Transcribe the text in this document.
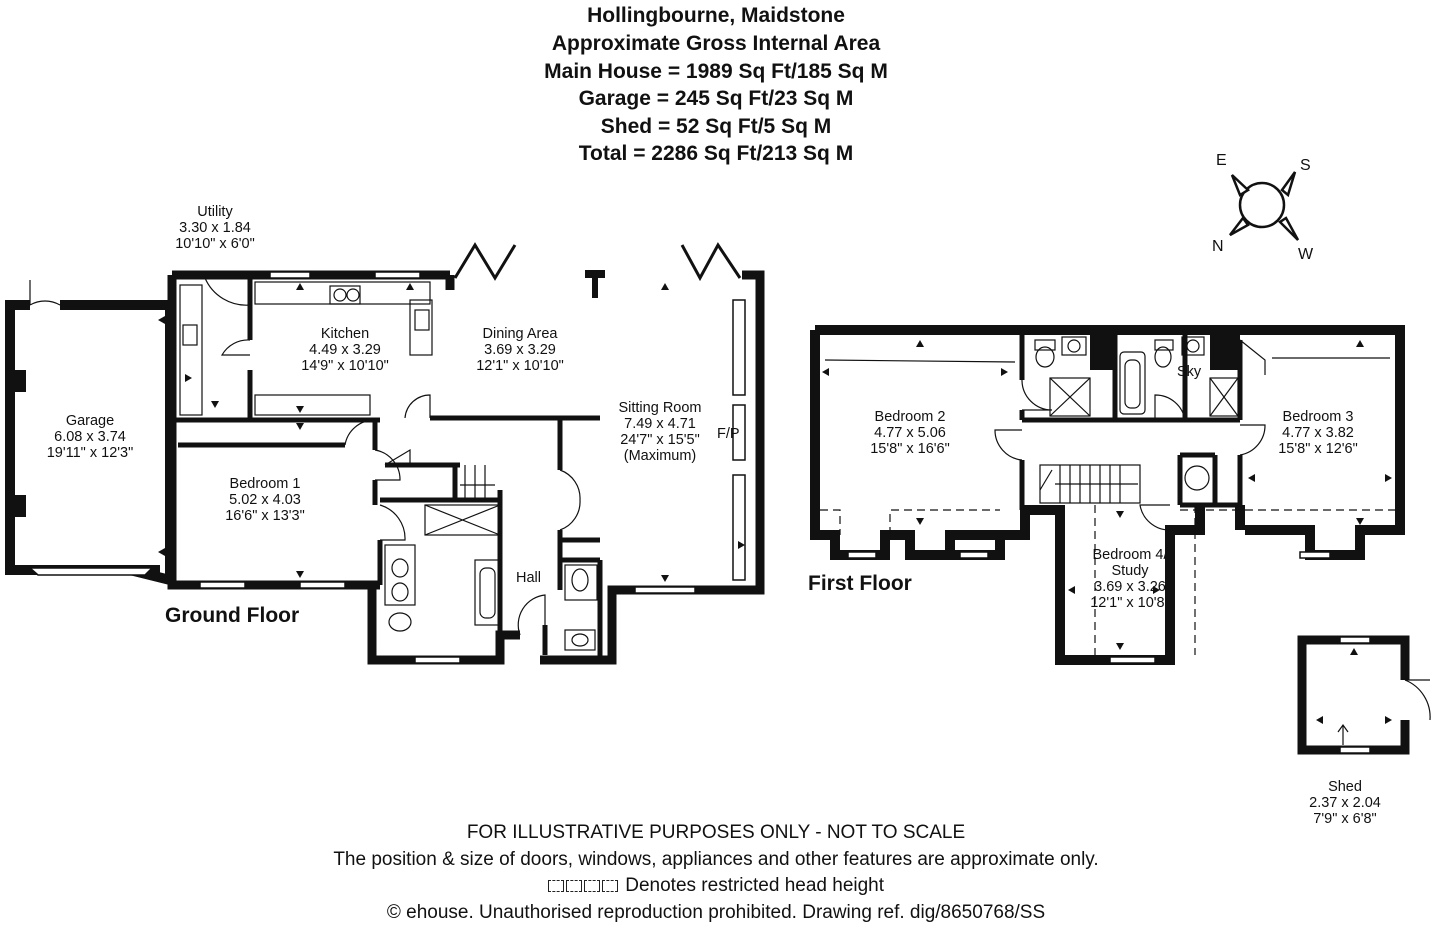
Hollingbourne, Maidstone
Approximate Gross Internal Area
Main House = 1989 Sq Ft/185 Sq M
Garage = 245 Sq Ft/23 Sq M
Shed = 52 Sq Ft/5 Sq M
Total = 2286 Sq Ft/213 Sq M	E	S
N	W
Utility
3.30 x 1.84
10'10" x 6'0"
Kitchen
4.49 x 3.29
14'9" x 10'10"
Dining Area
3.69 x 3.29
12'1" x 10'10"
Sitting Room
7.49 x 4.71
24'7" x 15'5"
(Maximum)
F/P
Garage
6.08 x 3.74
19'11" x 12'3"
Bedroom 1
5.02 x 4.03
16'6" x 13'3"
Hall
Bedroom 2
4.77 x 5.06
15'8" x 16'6"
Bedroom 3
4.77 x 3.82
15'8" x 12'6"
Bedroom 4/
Study
3.69 x 3.26
12'1" x 10'8"
Sky
Shed
2.37 x 2.04
7'9" x 6'8"
Ground Floor
First Floor
FOR ILLUSTRATIVE PURPOSES ONLY - NOT TO SCALE
The position & size of doors, windows, appliances and other features are approximate only.
Denotes restricted head height
© ehouse. Unauthorised reproduction prohibited. Drawing ref. dig/8650768/SS
